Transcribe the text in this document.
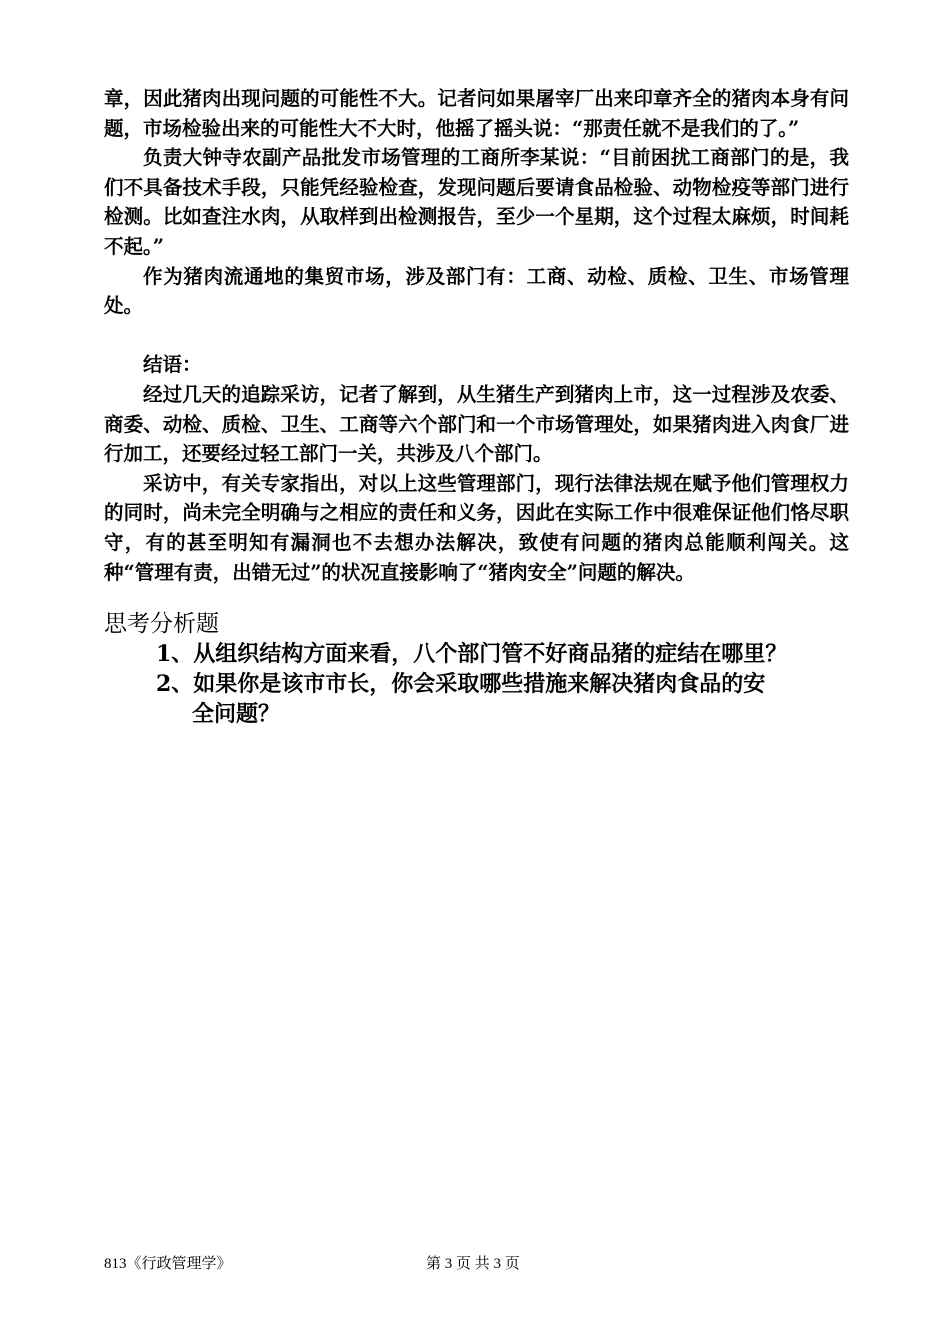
章，因此猪肉出现问题的可能性不大。记者问如果屠宰厂出来印章齐全的猪肉本身有问题，市场检验出来的可能性大不大时，他摇了摇头说：“那责任就不是我们的了。”

负责大钟寺农副产品批发市场管理的工商所李某说：“目前困扰工商部门的是，我们不具备技术手段，只能凭经验检查，发现问题后要请食品检验、动物检疫等部门进行检测。比如查注水肉，从取样到出检测报告，至少一个星期，这个过程太麻烦，时间耗不起。”

作为猪肉流通地的集贸市场，涉及部门有：工商、动检、质检、卫生、市场管理处。

结语：

经过几天的追踪采访，记者了解到，从生猪生产到猪肉上市，这一过程涉及农委、商委、动检、质检、卫生、工商等六个部门和一个市场管理处，如果猪肉进入肉食厂进行加工，还要经过轻工部门一关，共涉及八个部门。

采访中，有关专家指出，对以上这些管理部门，现行法律法规在赋予他们管理权力的同时，尚未完全明确与之相应的责任和义务，因此在实际工作中很难保证他们恪尽职守，有的甚至明知有漏洞也不去想办法解决，致使有问题的猪肉总能顺利闯关。这种“管理有责，出错无过”的状况直接影响了“猪肉安全”问题的解决。

思考分析题
1、从组织结构方面来看，八个部门管不好商品猪的症结在哪里？
2、如果你是该市市长，你会采取哪些措施来解决猪肉食品的安
全问题？
813《行政管理学》	第 3 页 共 3 页
